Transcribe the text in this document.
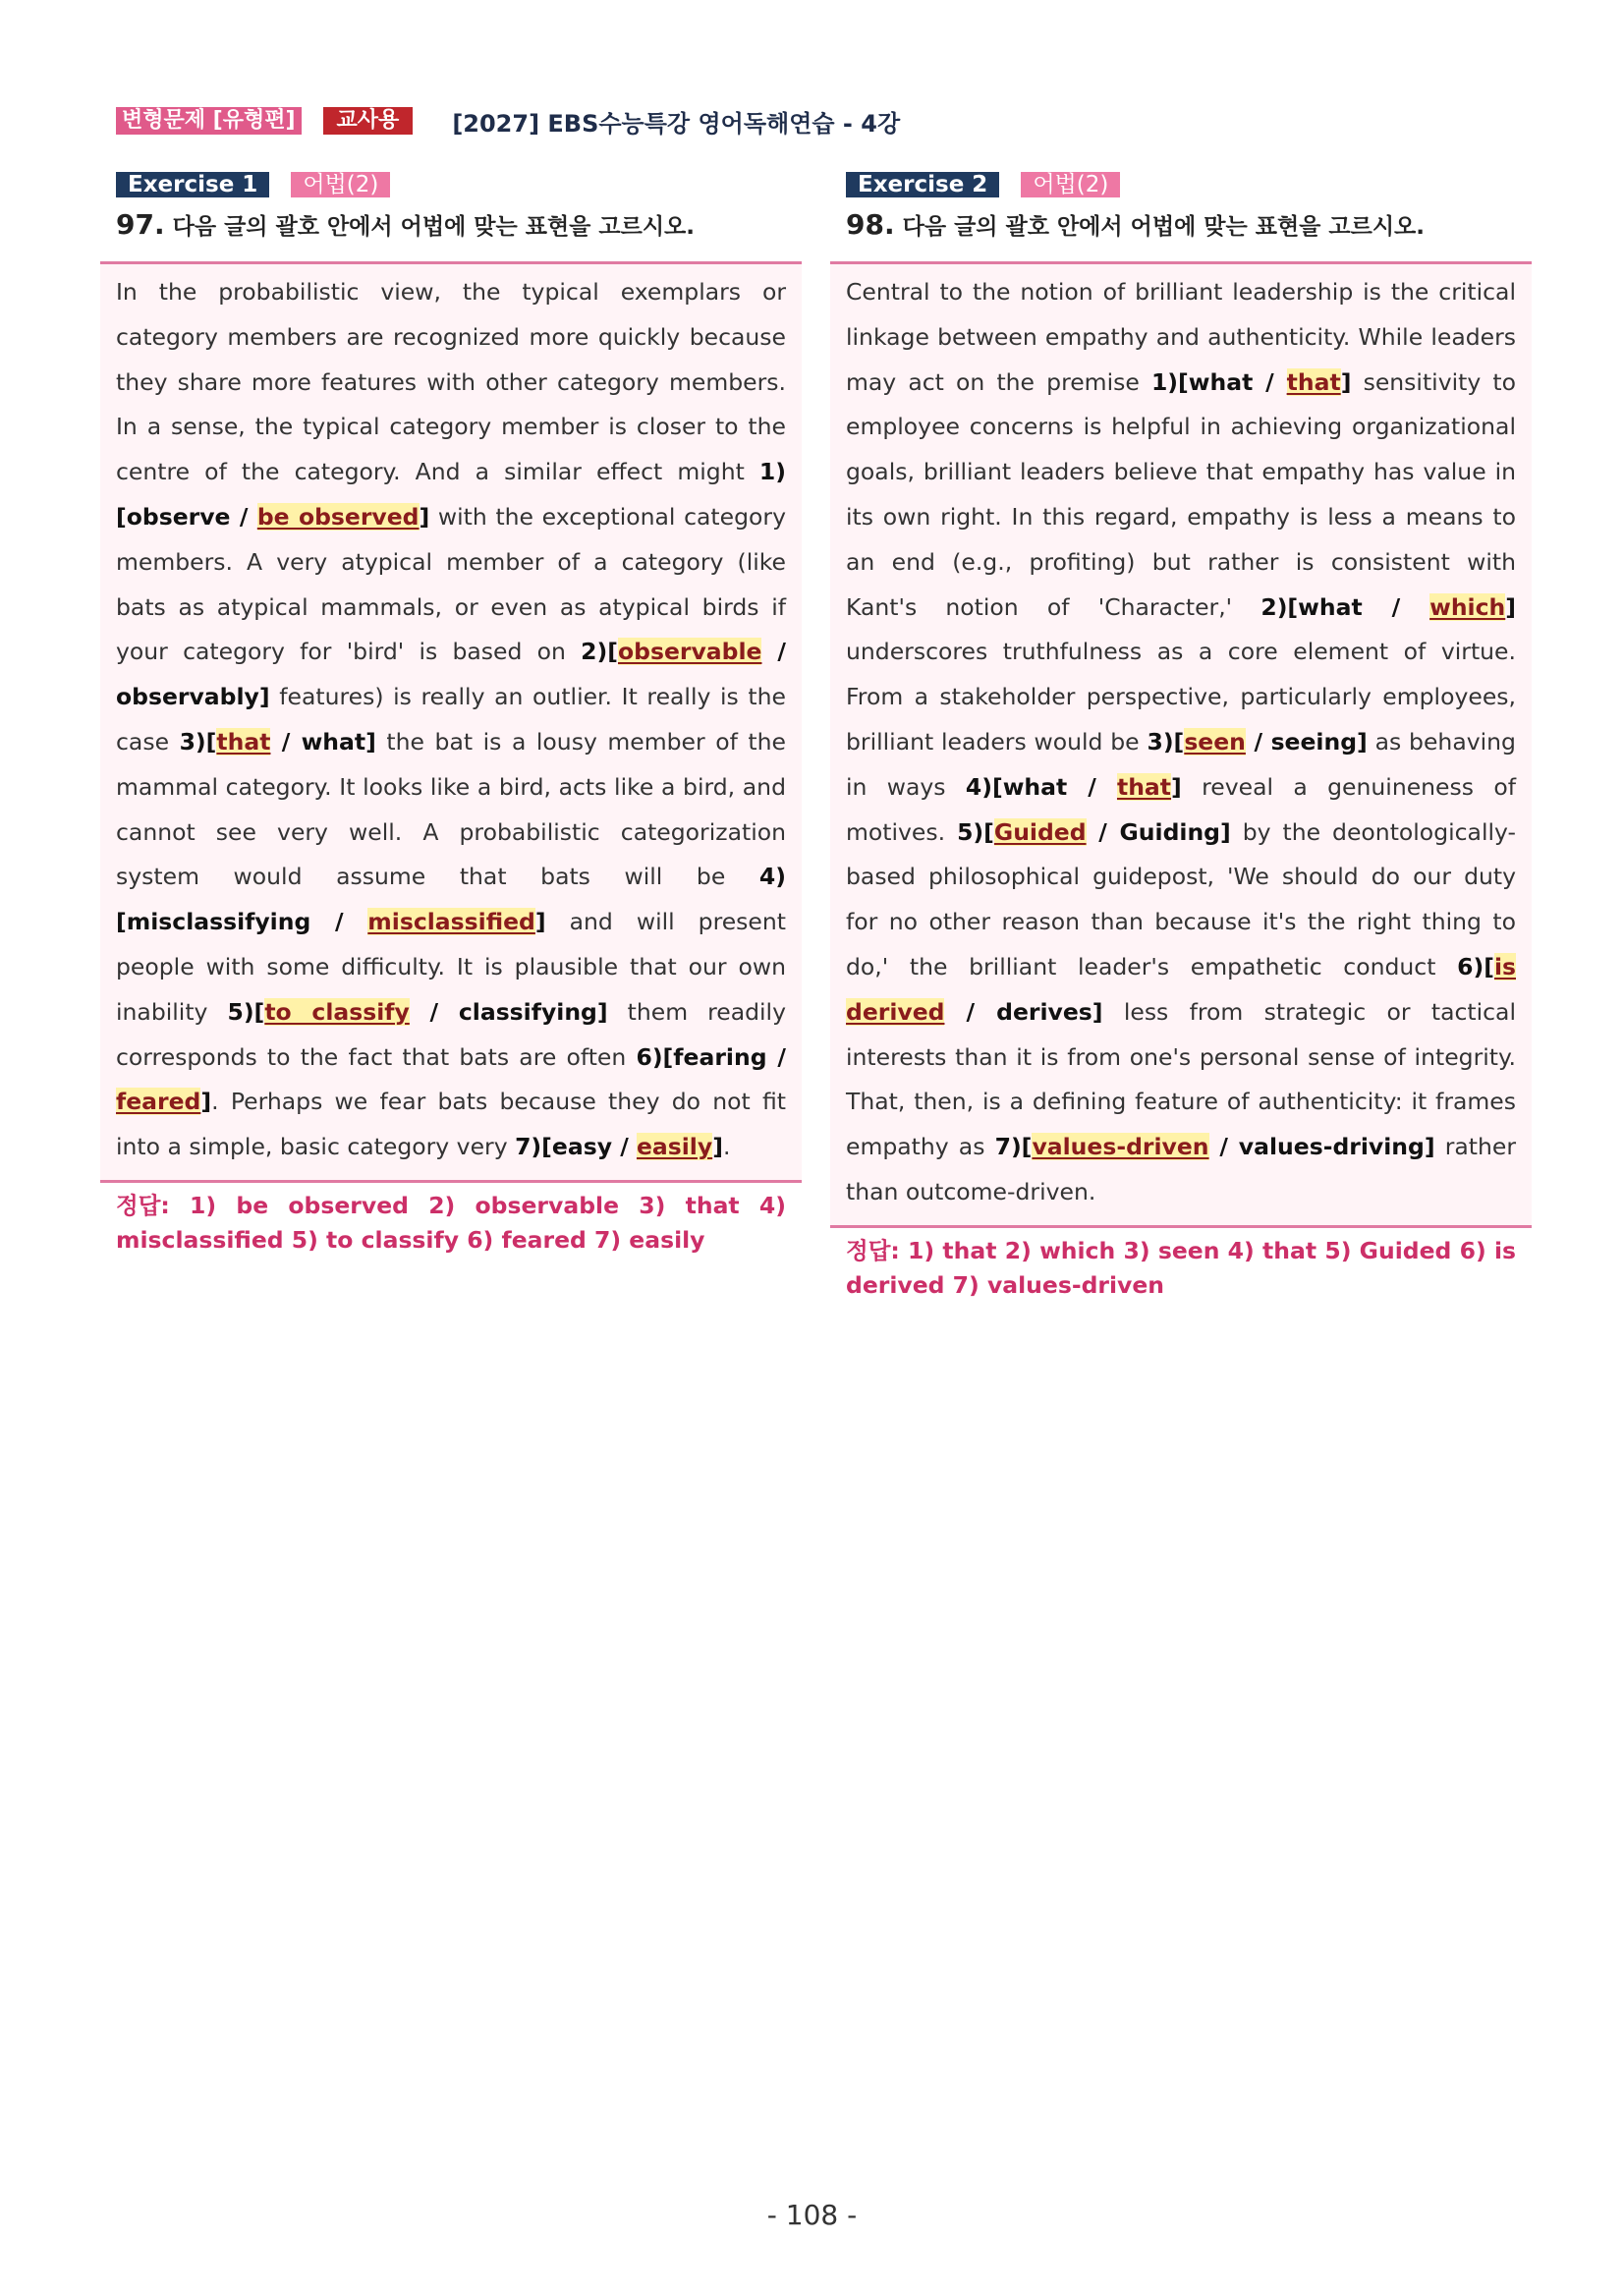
변형문제 [유형편]	교사용	[2027] EBS수능특강 영어독해연습 - 4강
Exercise 1	어법(2)
97. 다음 글의 괄호 안에서 어법에 맞는 표현을 고르시오.

In the probabilistic view, the typical exemplars or category members are recognized more quickly because they share more features with other category members. In a sense, the typical category member is closer to the centre of the category. And a similar effect might 1)[observe / be observed] with the exceptional category members. A very atypical member of a category (like bats as atypical mammals, or even as atypical birds if your category for 'bird' is based on 2)[observable / observably] features) is really an outlier. It really is the case 3)[that / what] the bat is a lousy member of the mammal category. It looks like a bird, acts like a bird, and cannot see very well. A probabilistic categorization system would assume that bats will be 4)[misclassifying / misclassified] and will present people with some difficulty. It is plausible that our own inability 5)[to classify / classifying] them readily corresponds to the fact that bats are often 6)[fearing / feared]. Perhaps we fear bats because they do not fit into a simple, basic category very 7)[easy / easily].

정답: 1) be observed 2) observable 3) that 4) misclassified 5) to classify 6) feared 7) easily
Exercise 2	어법(2)
98. 다음 글의 괄호 안에서 어법에 맞는 표현을 고르시오.

Central to the notion of brilliant leadership is the critical linkage between empathy and authenticity. While leaders may act on the premise 1)[what / that] sensitivity to employee concerns is helpful in achieving organizational goals, brilliant leaders believe that empathy has value in its own right. In this regard, empathy is less a means to an end (e.g., profiting) but rather is consistent with Kant's notion of 'Character,' 2)[what / which] underscores truthfulness as a core element of virtue. From a stakeholder perspective, particularly employees, brilliant leaders would be 3)[seen / seeing] as behaving in ways 4)[what / that] reveal a genuineness of motives. 5)[Guided / Guiding] by the deontologically-based philosophical guidepost, 'We should do our duty for no other reason than because it's the right thing to do,' the brilliant leader's empathetic conduct 6)[is derived / derives] less from strategic or tactical interests than it is from one's personal sense of integrity. That, then, is a defining feature of authenticity: it frames empathy as 7)[values-driven / values-driving] rather than outcome-driven.

정답: 1) that 2) which 3) seen 4) that 5) Guided 6) is derived 7) values-driven
- 108 -
